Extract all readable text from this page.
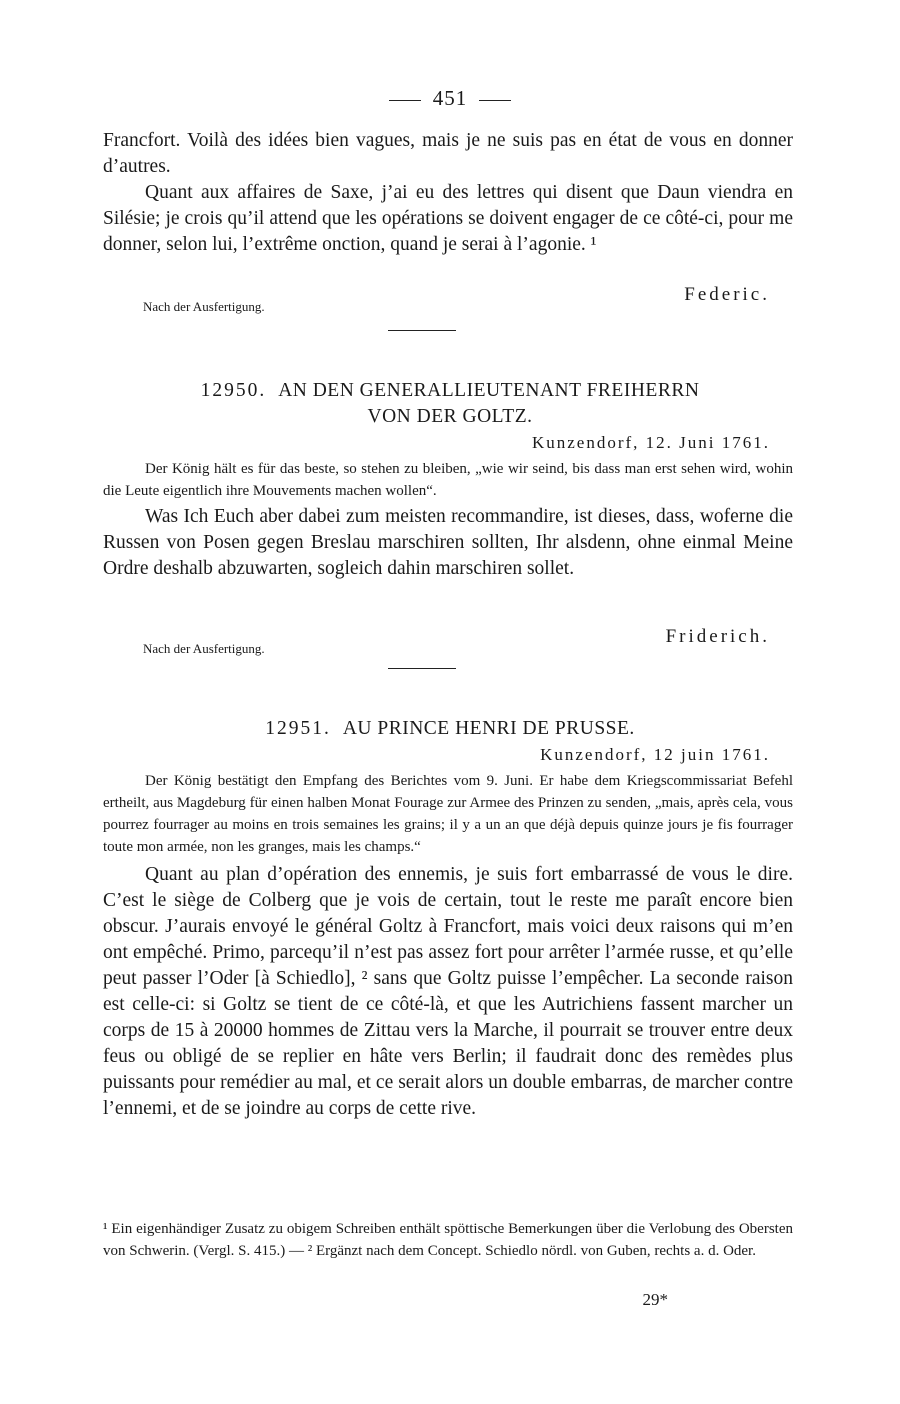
451

Francfort. Voilà des idées bien vagues, mais je ne suis pas en état de vous en donner d’autres.

Quant aux affaires de Saxe, j’ai eu des lettres qui disent que Daun viendra en Silésie; je crois qu’il attend que les opérations se doivent engager de ce côté-ci, pour me donner, selon lui, l’extrême onction, quand je serai à l’agonie. ¹

Nach der Ausfertigung.
Federic.
12950. AN DEN GENERALLIEUTENANT FREIHERRN
VON DER GOLTZ.
Kunzendorf, 12. Juni 1761.

Der König hält es für das beste, so stehen zu bleiben, „wie wir seind, bis dass man erst sehen wird, wohin die Leute eigentlich ihre Mouvements machen wollen“.

Was Ich Euch aber dabei zum meisten recommandire, ist dieses, dass, woferne die Russen von Posen gegen Breslau marschiren sollten, Ihr alsdenn, ohne einmal Meine Ordre deshalb abzuwarten, sogleich dahin marschiren sollet.

Nach der Ausfertigung.
Friderich.
12951. AU PRINCE HENRI DE PRUSSE.
Kunzendorf, 12 juin 1761.

Der König bestätigt den Empfang des Berichtes vom 9. Juni. Er habe dem Kriegscommissariat Befehl ertheilt, aus Magdeburg für einen halben Monat Fourage zur Armee des Prinzen zu senden, „mais, après cela, vous pourrez fourrager au moins en trois semaines les grains; il y a un an que déjà depuis quinze jours je fis fourrager toute mon armée, non les granges, mais les champs.“

Quant au plan d’opération des ennemis, je suis fort embarrassé de vous le dire. C’est le siège de Colberg que je vois de certain, tout le reste me paraît encore bien obscur. J’aurais envoyé le général Goltz à Francfort, mais voici deux raisons qui m’en ont empêché. Primo, parcequ’il n’est pas assez fort pour arrêter l’armée russe, et qu’elle peut passer l’Oder [à Schiedlo], ² sans que Goltz puisse l’empêcher. La seconde raison est celle-ci: si Goltz se tient de ce côté-là, et que les Autrichiens fassent marcher un corps de 15 à 20000 hommes de Zittau vers la Marche, il pourrait se trouver entre deux feus ou obligé de se replier en hâte vers Berlin; il faudrait donc des remèdes plus puissants pour remédier au mal, et ce serait alors un double embarras, de marcher contre l’ennemi, et de se joindre au corps de cette rive.

¹ Ein eigenhändiger Zusatz zu obigem Schreiben enthält spöttische Bemerkungen über die Verlobung des Obersten von Schwerin. (Vergl. S. 415.) — ² Ergänzt nach dem Concept. Schiedlo nördl. von Guben, rechts a. d. Oder.

29*
